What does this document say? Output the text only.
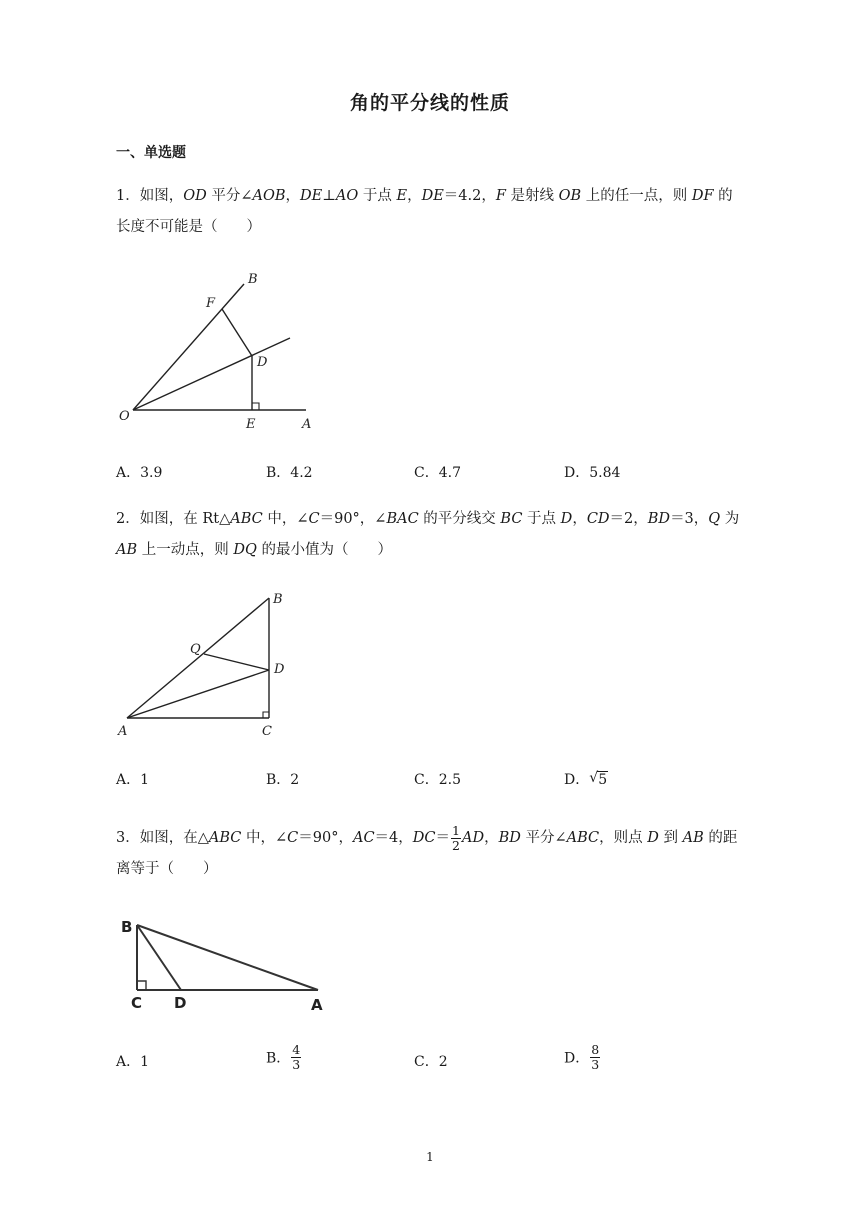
角的平分线的性质
一、单选题
1．如图，OD 平分∠AOB，DE⊥AO 于点 E，DE＝4.2，F 是射线 OB 上的任一点，则 DF 的长度不可能是（　　）
B
F
D
O
E	A
A．3.9	B．4.2	C．4.7	D．5.84
2．如图，在 Rt△ABC 中，∠C＝90°，∠BAC 的平分线交 BC 于点 D，CD＝2，BD＝3，Q 为 AB 上一动点，则 DQ 的最小值为（　　）
B
Q
D
A	C
A．1	B．2	C．2.5	D． √ 5
3．如图，在△ABC 中，∠C＝90°，AC＝4，$DC= \frac{1}{2}$ AD，BD 平分∠ABC，则点 D 到 AB 的距离等于（　　）
B
C D	A
A．1	B． $\frac{4}{3}$	C．2	D． $\frac{8}{3}$
1
